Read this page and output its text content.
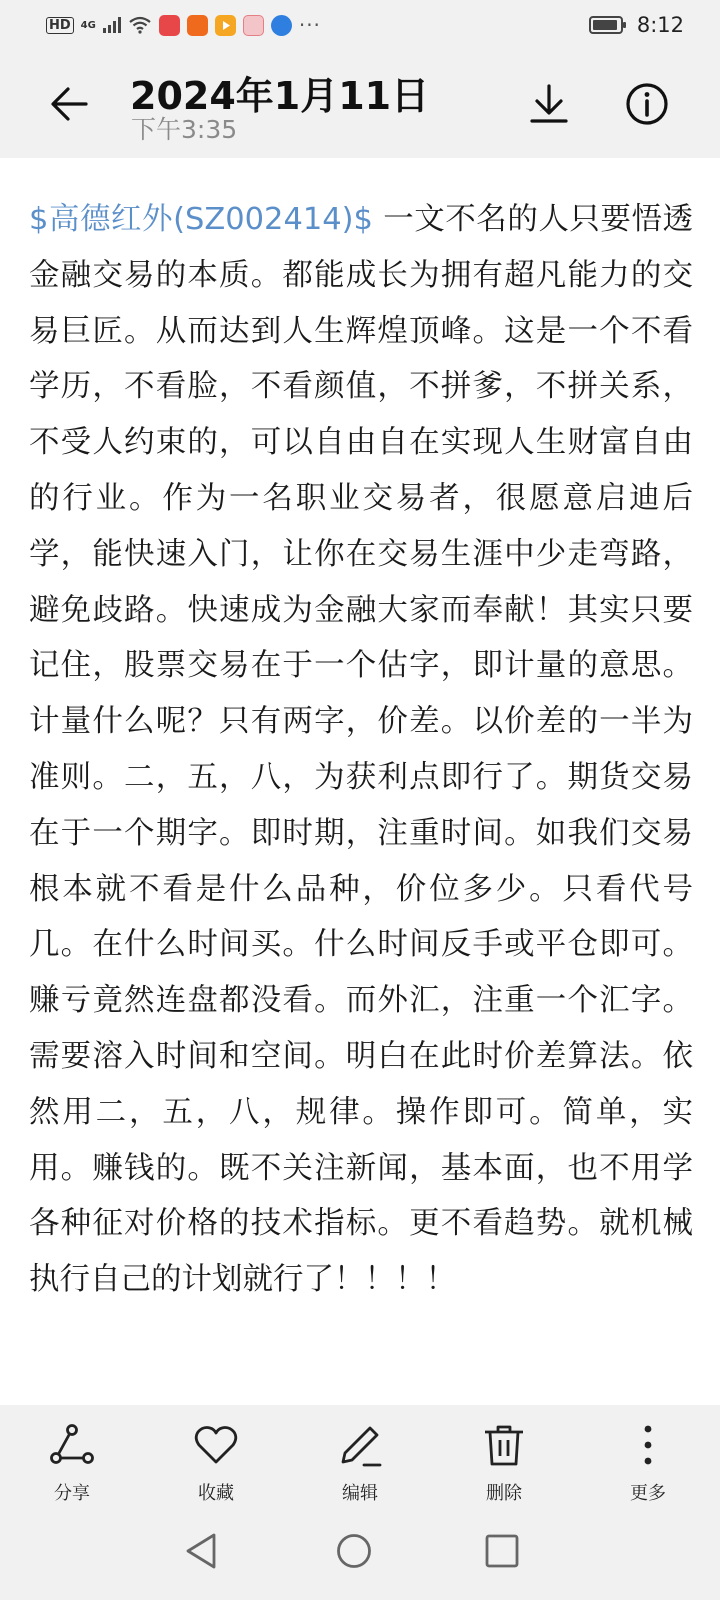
HD	4G	···	8:12
2024年1月11日
下午3:35

$高德红外(SZ002414)$ 一文不名的人只要悟透金融交易的本质。都能成长为拥有超凡能力的交易巨匠。从而达到人生辉煌顶峰。这是一个不看学历，不看脸，不看颜值，不拼爹，不拼关系，不受人约束的，可以自由自在实现人生财富自由的行业。作为一名职业交易者，很愿意启迪后学，能快速入门，让你在交易生涯中少走弯路，避免歧路。快速成为金融大家而奉献！其实只要记住，股票交易在于一个估字，即计量的意思。计量什么呢？只有两字，价差。以价差的一半为准则。二，五，八，为获利点即行了。期货交易在于一个期字。即时期，注重时间。如我们交易根本就不看是什么品种，价位多少。只看代号几。在什么时间买。什么时间反手或平仓即可。赚亏竟然连盘都没看。而外汇，注重一个汇字。需要溶入时间和空间。明白在此时价差算法。依然用二，五，八，规律。操作即可。简单，实用。赚钱的。既不关注新闻，基本面，也不用学各种征对价格的技术指标。更不看趋势。就机械执行自己的计划就行了！！！！

分享	收藏	编辑	删除	更多
